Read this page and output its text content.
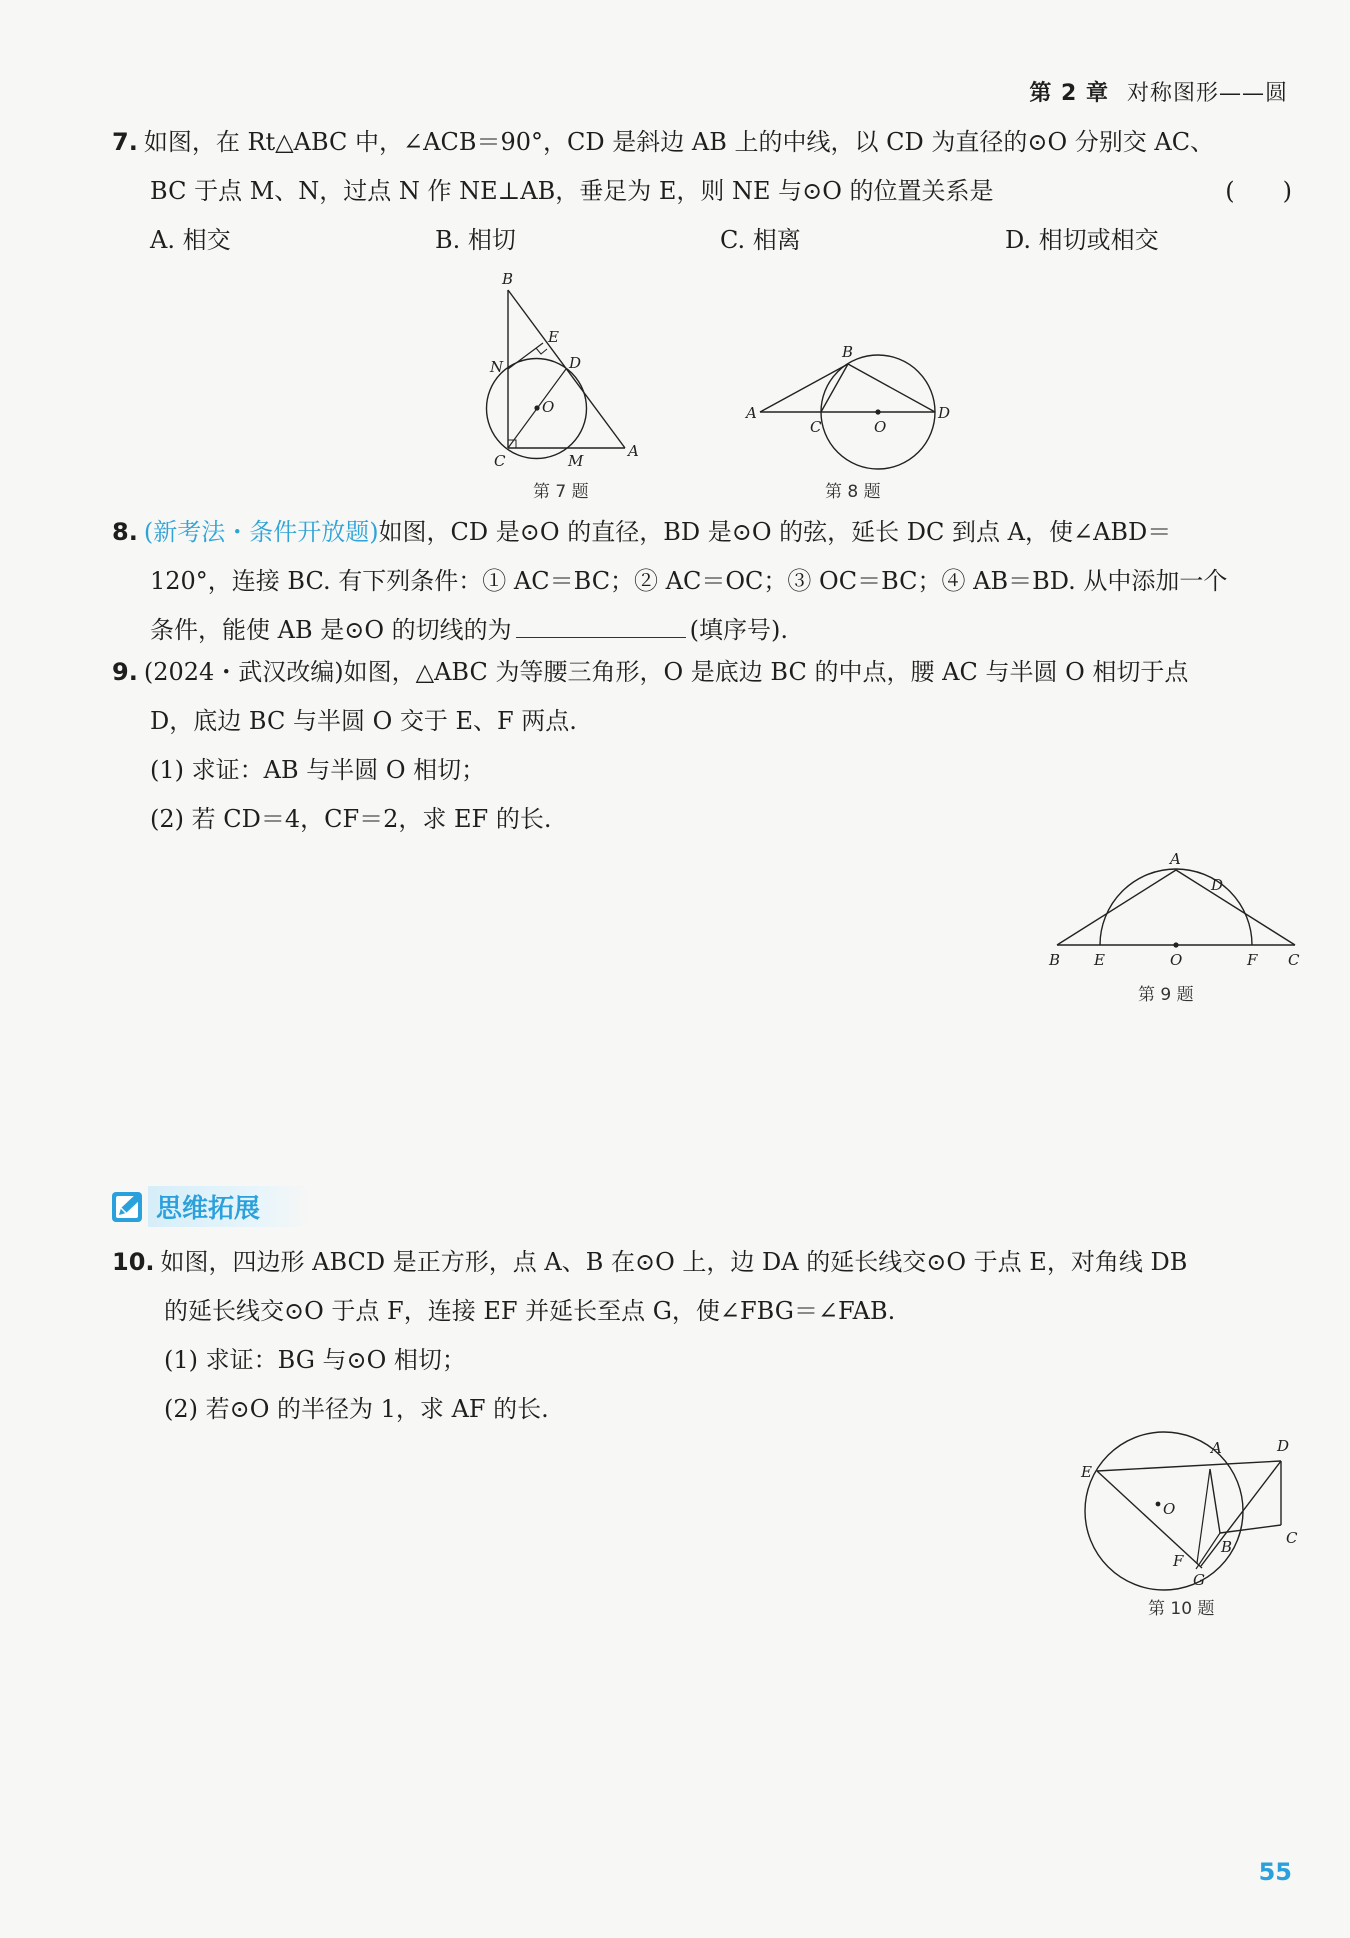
第 2 章 对称图形——圆
7. 如图，在 Rt△ABC 中，∠ACB＝90°，CD 是斜边 AB 上的中线，以 CD 为直径的⊙O 分别交 AC、
BC 于点 M、N，过点 N 作 NE⊥AB，垂足为 E，则 NE 与⊙O 的位置关系是	(　　)
A. 相交	B. 相切	C. 相离	D. 相切或相交
B
E
N	D
O
C	M
A
第 7 题
B
A
C	O
D
第 8 题
8. (新考法・条件开放题)如图，CD 是⊙O 的直径，BD 是⊙O 的弦，延长 DC 到点 A，使∠ABD＝
120°，连接 BC. 有下列条件：① AC＝BC；② AC＝OC；③ OC＝BC；④ AB＝BD. 从中添加一个
条件，能使 AB 是⊙O 的切线的为	(填序号).
9. (2024・武汉改编)如图，△ABC 为等腰三角形，O 是底边 BC 的中点，腰 AC 与半圆 O 相切于点
D，底边 BC 与半圆 O 交于 E、F 两点.
(1) 求证：AB 与半圆 O 相切；
(2) 若 CD＝4，CF＝2，求 EF 的长.
A
D
B E	O	F C
第 9 题
思维拓展
10. 如图，四边形 ABCD 是正方形，点 A、B 在⊙O 上，边 DA 的延长线交⊙O 于点 E，对角线 DB
的延长线交⊙O 于点 F，连接 EF 并延长至点 G，使∠FBG＝∠FAB.
(1) 求证：BG 与⊙O 相切；
(2) 若⊙O 的半径为 1，求 AF 的长.
A	D
E
O
C
B
F
G
第 10 题
55
